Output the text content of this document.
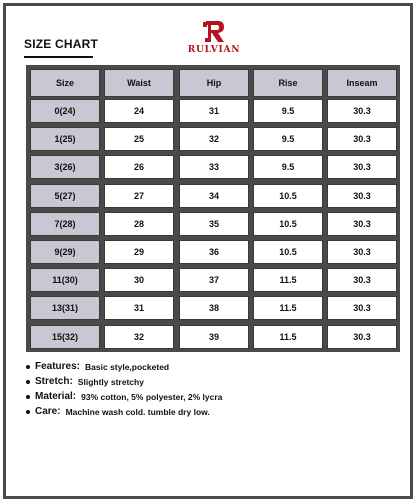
SIZE CHART	RULVIAN
Size	Waist	Hip	Rise	Inseam
0(24)	24	31	9.5	30.3
1(25)	25	32	9.5	30.3
3(26)	26	33	9.5	30.3
5(27)	27	34	10.5	30.3
7(28)	28	35	10.5	30.3
9(29)	29	36	10.5	30.3
11(30)	30	37	11.5	30.3
13(31)	31	38	11.5	30.3
15(32)	32	39	11.5	30.3
Features: Basic style,pocketed
Stretch: Slightly stretchy
Material: 93% cotton, 5% polyester, 2% lycra
Care: Machine wash cold. tumble dry low.
